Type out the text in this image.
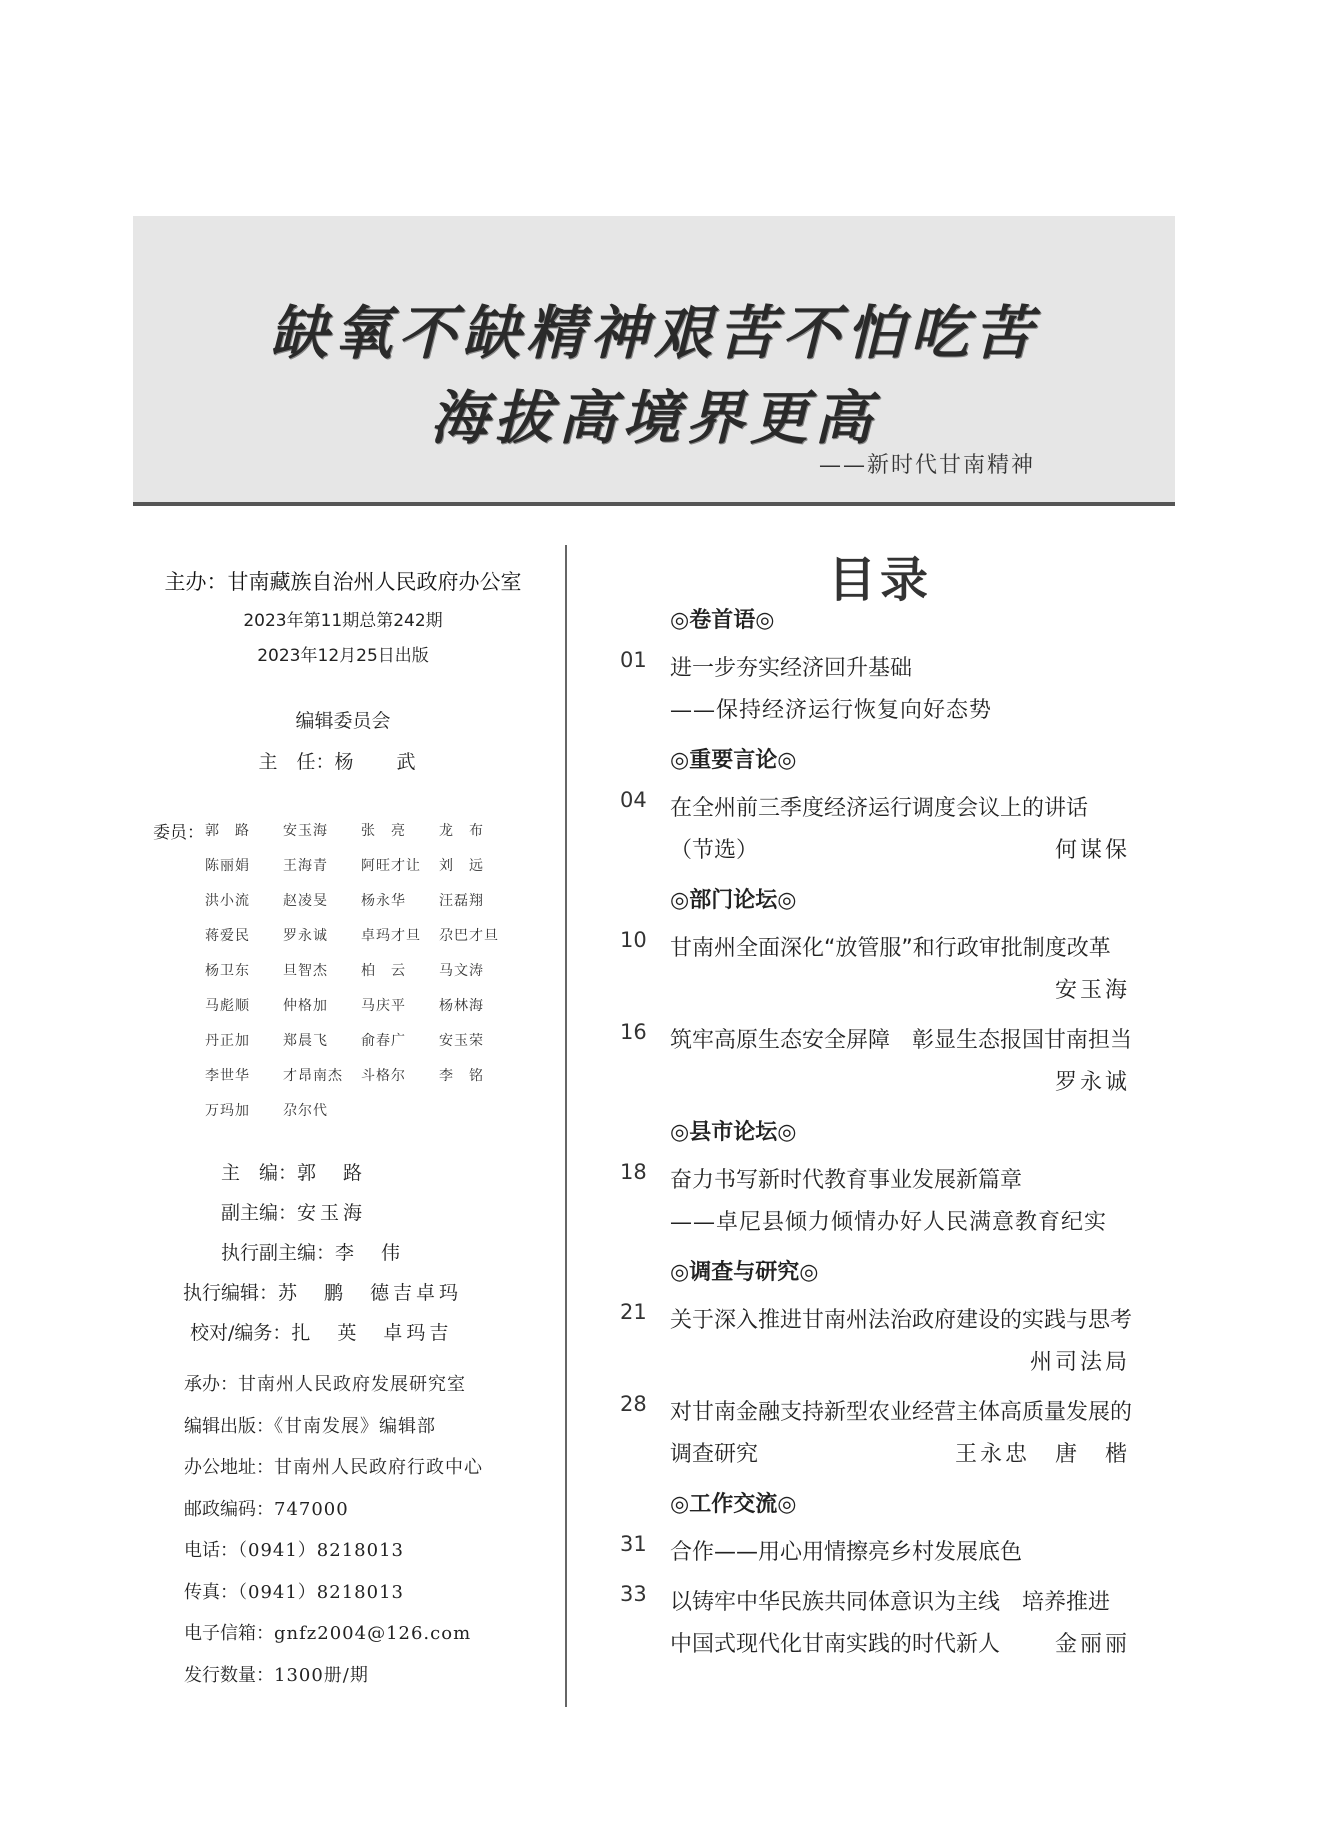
缺氧不缺精神艰苦不怕吃苦
海拔高境界更高
——新时代甘南精神
主办：甘南藏族自治州人民政府办公室
2023年第11期总第242期
2023年12月25日出版
编辑委员会
主　任：杨　武
委员： 郭　路	安玉海	张　亮	龙　布
陈丽娟	王海青	阿旺才让	刘　远
洪小流	赵凌旻	杨永华	汪磊翔
蒋爱民	罗永诚	卓玛才旦	尕巴才旦
杨卫东	旦智杰	柏　云	马文涛
马彪顺	仲格加	马庆平	杨林海
丹正加	郑晨飞	俞春广	安玉荣
李世华	才昂南杰	斗格尔	李　铭
万玛加	尕尔代
主　编：郭　路
副主编：安玉海
执行副主编：李　伟
执行编辑：苏　鹏　德吉卓玛
校对/编务：扎　英　卓玛吉
承办：甘南州人民政府发展研究室
编辑出版：《甘南发展》编辑部
办公地址：甘南州人民政府行政中心
邮政编码：747000
电话：（0941）8218013
传真：（0941）8218013
电子信箱：gnfz2004@126.com
发行数量：1300册/期
目录
◎卷首语◎
01 进一步夯实经济回升基础
——保持经济运行恢复向好态势
◎重要言论◎
04 在全州前三季度经济运行调度会议上的讲话
（节选）	何谋保
◎部门论坛◎
10 甘南州全面深化“放管服”和行政审批制度改革
安玉海
16 筑牢高原生态安全屏障　彰显生态报国甘南担当
罗永诚
◎县市论坛◎
18 奋力书写新时代教育事业发展新篇章
——卓尼县倾力倾情办好人民满意教育纪实
◎调查与研究◎
21 关于深入推进甘南州法治政府建设的实践与思考
州司法局
28 对甘南金融支持新型农业经营主体高质量发展的
调查研究	王永忠　唐　楷
◎工作交流◎
31 合作——用心用情擦亮乡村发展底色
33 以铸牢中华民族共同体意识为主线　培养推进
中国式现代化甘南实践的时代新人 金丽丽
